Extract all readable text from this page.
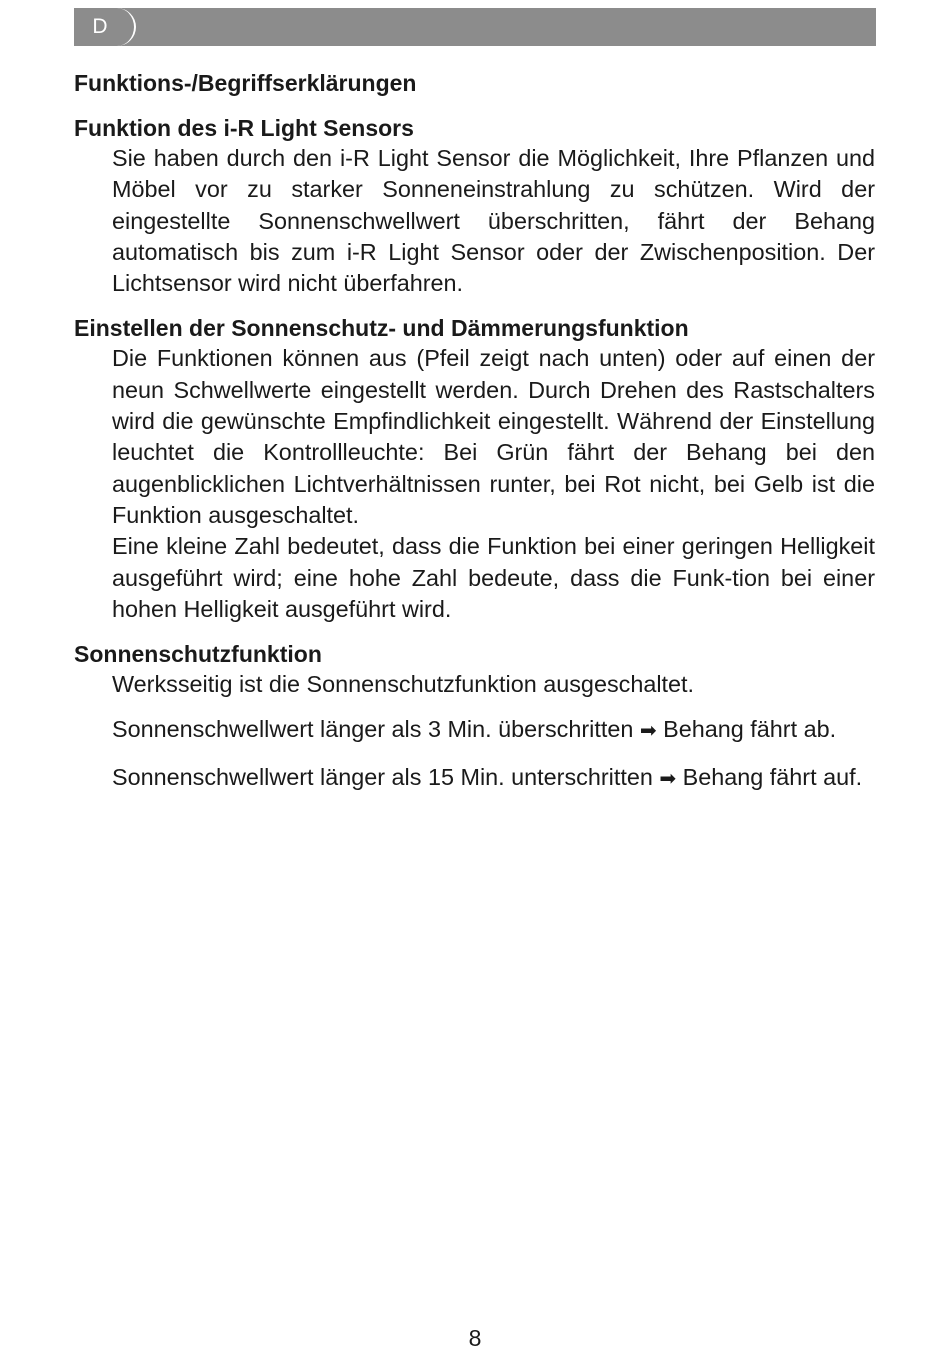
D
Funktions-/Begriffserklärungen
Funktion des i-R Light Sensors

Sie haben durch den i-R Light Sensor die Möglichkeit, Ihre Pflanzen und Möbel vor zu starker Sonneneinstrahlung zu schützen. Wird der eingestellte Sonnenschwellwert überschritten, fährt der Behang automatisch bis zum i-R Light Sensor oder der Zwischenposition. Der Lichtsensor wird nicht überfahren.

Einstellen der Sonnenschutz- und Dämmerungsfunktion

Die Funktionen können aus (Pfeil zeigt nach unten) oder auf einen der neun Schwellwerte eingestellt werden. Durch Drehen des Rastschalters wird die gewünschte Empfindlichkeit eingestellt. Während der Einstellung leuchtet die Kontrollleuchte: Bei Grün fährt der Behang bei den augenblicklichen Lichtverhältnissen runter, bei Rot nicht, bei Gelb ist die Funktion ausgeschaltet.

Eine kleine Zahl bedeutet, dass die Funktion bei einer geringen Helligkeit ausgeführt wird; eine hohe Zahl bedeute, dass die Funk-tion bei einer hohen Helligkeit ausgeführt wird.

Sonnenschutzfunktion

Werksseitig ist die Sonnenschutzfunktion ausgeschaltet.

Sonnenschwellwert länger als 3 Min. überschritten ➡ Behang fährt ab.

Sonnenschwellwert länger als 15 Min. unterschritten ➡ Behang fährt auf.

8
